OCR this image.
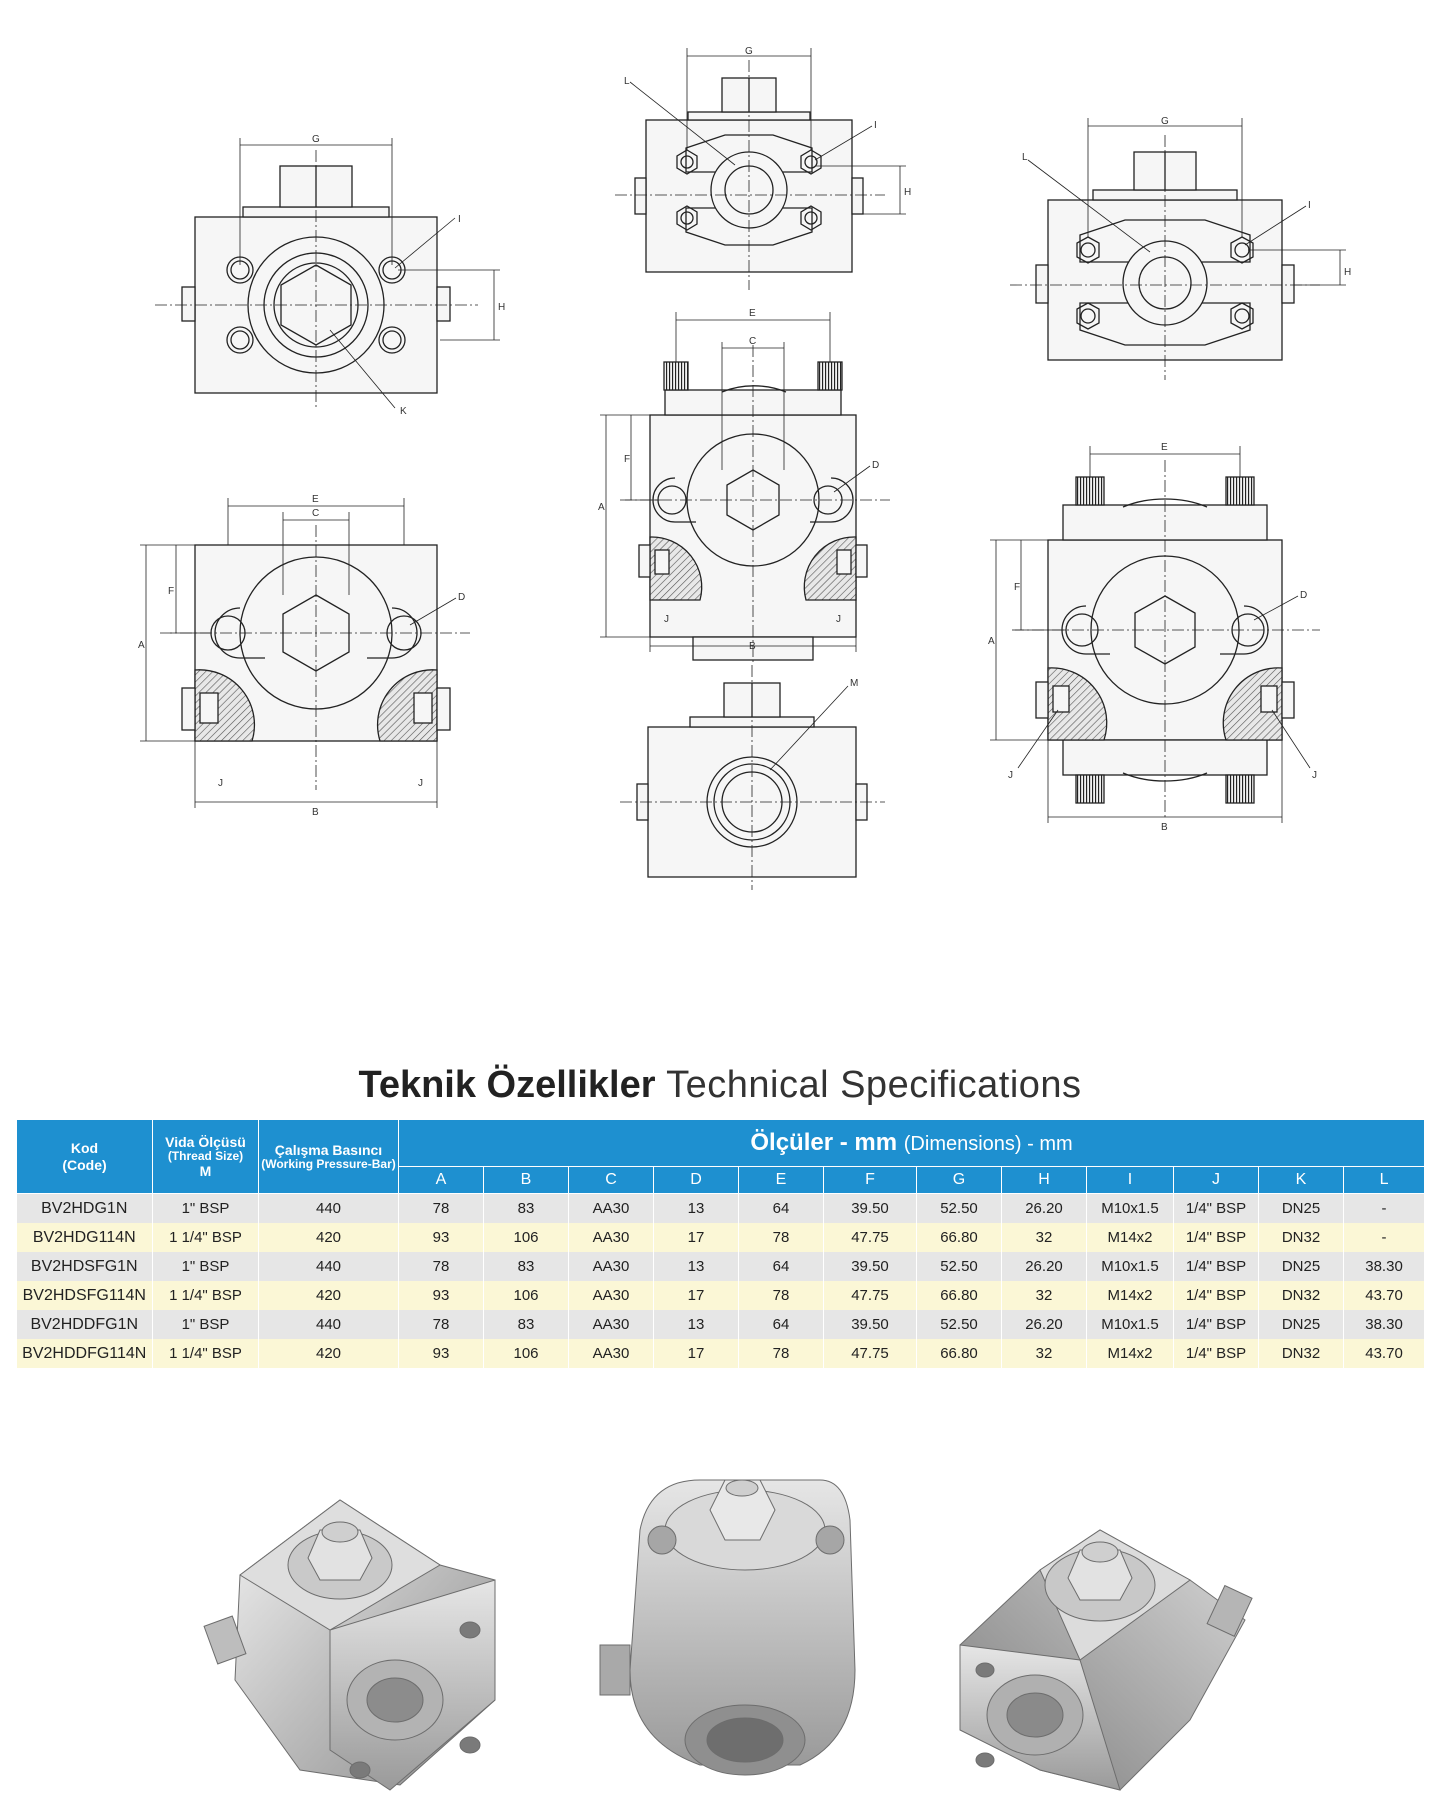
G
I
H
K
E
C
A
F
D
J	J
B
G
L
I
H
E
C
A
F
D
J	J
B
M
G
L
I
H
E
A
F
D
J	J
B
Teknik Özellikler Technical Specifications
Kod
(Code)	Vida Ölçüsü
(Thread Size)
M	Çalışma Basıncı
(Working Pressure-Bar)	Ölçüler - mm (Dimensions) - mm											
			A	B	C	D	E	F	G	H	I	J	K	L
BV2HDG1N	1" BSP	440	78	83	AA30	13	64	39.50	52.50	26.20	M10x1.5	1/4" BSP	DN25	-
BV2HDG114N	1 1/4" BSP	420	93	106	AA30	17	78	47.75	66.80	32	M14x2	1/4" BSP	DN32	-
BV2HDSFG1N	1" BSP	440	78	83	AA30	13	64	39.50	52.50	26.20	M10x1.5	1/4" BSP	DN25	38.30
BV2HDSFG114N	1 1/4" BSP	420	93	106	AA30	17	78	47.75	66.80	32	M14x2	1/4" BSP	DN32	43.70
BV2HDDFG1N	1" BSP	440	78	83	AA30	13	64	39.50	52.50	26.20	M10x1.5	1/4" BSP	DN25	38.30
BV2HDDFG114N	1 1/4" BSP	420	93	106	AA30	17	78	47.75	66.80	32	M14x2	1/4" BSP	DN32	43.70
